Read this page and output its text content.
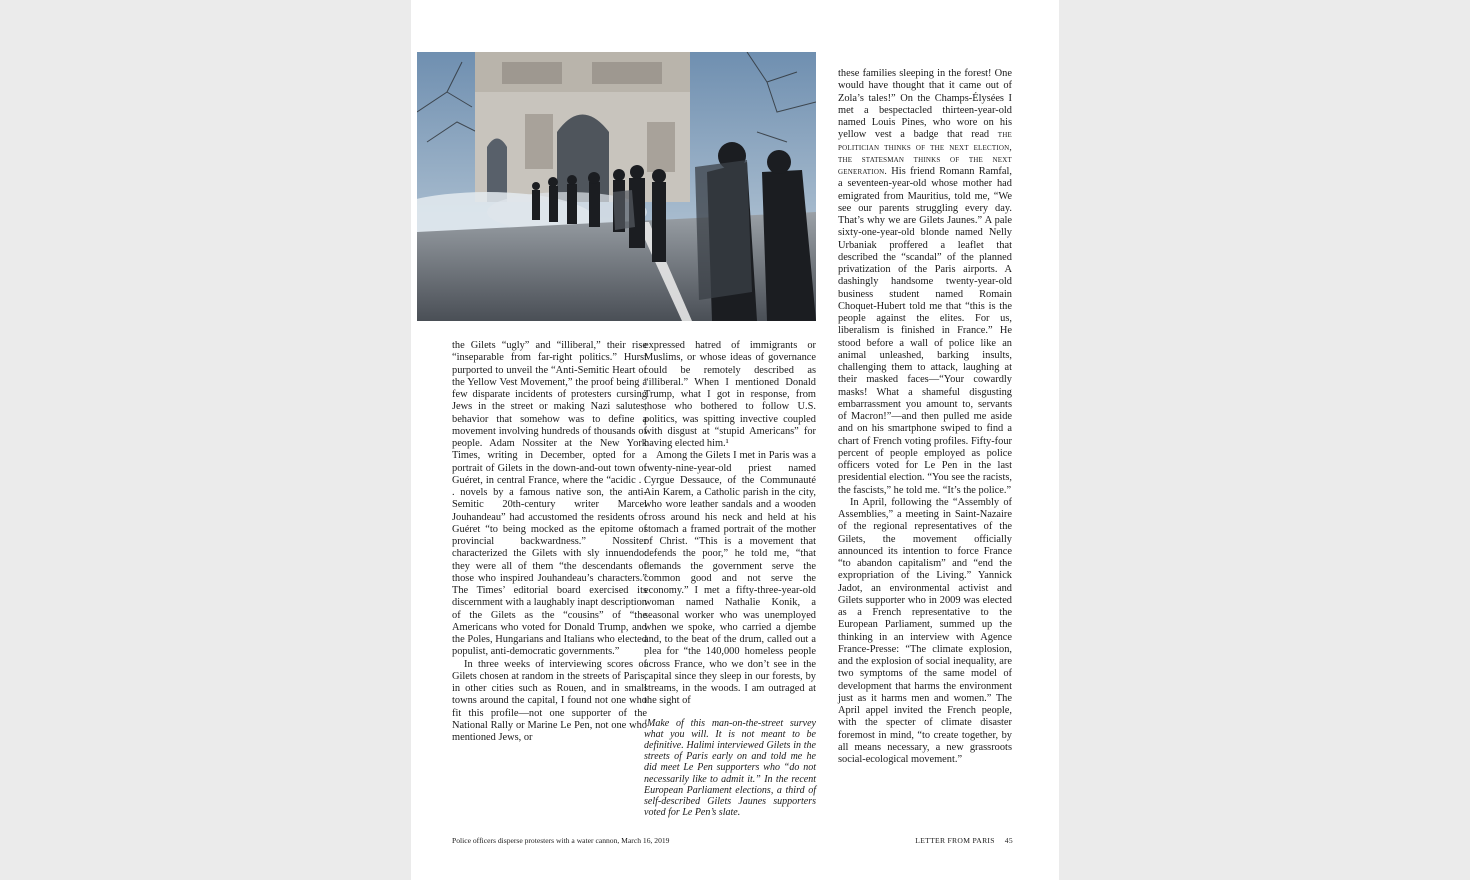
the Gilets “ugly” and “illiberal,” their rise “inseparable from far-right politics.” Hurst purported to unveil the “Anti-Semitic Heart of the Yellow Vest Movement,” the proof being a few disparate incidents of protesters cursing Jews in the street or making Nazi salutes, behavior that somehow was to define a movement involving hundreds of thousands of people. Adam Nossiter at the New York Times, writing in December, opted for a portrait of Gilets in the down-and-out town of Guéret, in central France, where the “acidic . . . novels by a famous native son, the anti-Semitic 20th-century writer Marcel Jouhandeau” had accustomed the residents of Guéret “to being mocked as the epitome of provincial backwardness.” Nossiter characterized the Gilets with sly innuendo: they were all of them “the descendants of those who inspired Jouhandeau’s characters.” The Times’ editorial board exercised its discernment with a laughably inapt description of the Gilets as the “cousins” of “the Americans who voted for Donald Trump, and the Poles, Hungarians and Italians who elected populist, anti-democratic governments.”

In three weeks of interviewing scores of Gilets chosen at random in the streets of Paris, in other cities such as Rouen, and in small towns around the capital, I found not one who fit this profile—not one supporter of the National Rally or Marine Le Pen, not one who mentioned Jews, or

expressed hatred of immigrants or Muslims, or whose ideas of governance could be remotely described as “illiberal.” When I mentioned Donald Trump, what I got in response, from those who bothered to follow U.S. politics, was spitting invective coupled with disgust at “stupid Americans” for having elected him.¹

Among the Gilets I met in Paris was a twenty-nine-year-old priest named Cyrgue Dessauce, of the Communauté Ain Karem, a Catholic parish in the city, who wore leather sandals and a wooden cross around his neck and held at his stomach a framed portrait of the mother of Christ. “This is a movement that defends the poor,” he told me, “that demands the government serve the common good and not serve the economy.” I met a fifty-three-year-old woman named Nathalie Konik, a seasonal worker who was unemployed when we spoke, who carried a djembe and, to the beat of the drum, called out a plea for “the 140,000 homeless people across France, who we don’t see in the capital since they sleep in our forests, by streams, in the woods. I am outraged at the sight of

¹Make of this man-on-the-street survey what you will. It is not meant to be definitive. Halimi interviewed Gilets in the streets of Paris early on and told me he did meet Le Pen supporters who “do not necessarily like to admit it.” In the recent European Parliament elections, a third of self-described Gilets Jaunes supporters voted for Le Pen’s slate.

these families sleeping in the forest! One would have thought that it came out of Zola’s tales!” On the Champs-Élysées I met a bespectacled thirteen-year-old named Louis Pines, who wore on his yellow vest a badge that read the politician thinks of the next election, the statesman thinks of the next generation. His friend Romann Ramfal, a seventeen-year-old whose mother had emigrated from Mauritius, told me, “We see our parents struggling every day. That’s why we are Gilets Jaunes.” A pale sixty-one-year-old blonde named Nelly Urbaniak proffered a leaflet that described the “scandal” of the planned privatization of the Paris airports. A dashingly handsome twenty-year-old business student named Romain Choquet-Hubert told me that “this is the people against the elites. For us, liberalism is finished in France.” He stood before a wall of police like an animal unleashed, barking insults, challenging them to attack, laughing at their masked faces—“Your cowardly masks! What a shameful disgusting embarrassment you amount to, servants of Macron!”—and then pulled me aside and on his smartphone swiped to find a chart of French voting profiles. Fifty-four percent of people employed as police officers voted for Le Pen in the last presidential election. “You see the racists, the fascists,” he told me. “It’s the police.”

In April, following the “Assembly of Assemblies,” a meeting in Saint-Nazaire of the regional representatives of the Gilets, the movement officially announced its intention to force France “to abandon capitalism” and “end the expropriation of the Living.” Yannick Jadot, an environmental activist and Gilets supporter who in 2009 was elected as a French representative to the European Parliament, summed up the thinking in an interview with Agence France-Presse: “The climate explosion, and the explosion of social inequality, are two symptoms of the same model of development that harms the environment just as it harms men and women.” The April appel invited the French people, with the specter of climate disaster foremost in mind, “to create together, by all means necessary, a new grassroots social-ecological movement.”

Police officers disperse protesters with a water cannon, March 16, 2019	LETTER FROM PARIS 45
